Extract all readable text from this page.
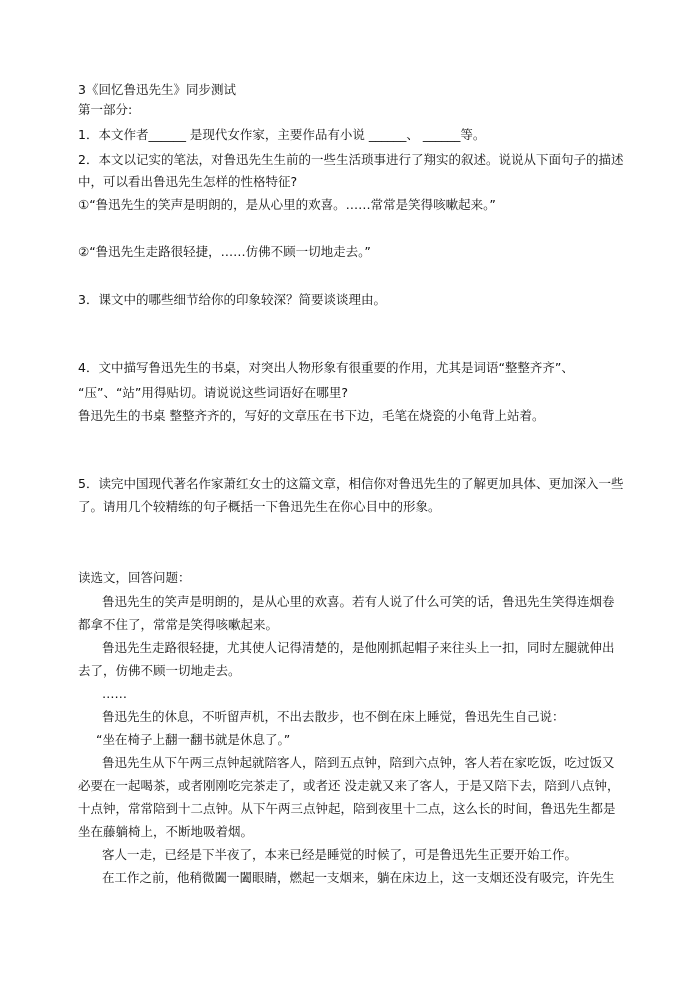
3《回忆鲁迅先生》同步测试
第一部分:
1．本文作者______ 是现代女作家，主要作品有小说 ______、 ______等。
2．本文以记实的笔法，对鲁迅先生生前的一些生活琐事进行了翔实的叙述。说说从下面句子的描述
中，可以看出鲁迅先生怎样的性格特征?
①“鲁迅先生的笑声是明朗的，是从心里的欢喜。……常常是笑得咳嗽起来。”
②“鲁迅先生走路很轻捷，……仿佛不顾一切地走去。”
3．课文中的哪些细节给你的印象较深？简要谈谈理由。
4．文中描写鲁迅先生的书桌，对突出人物形象有很重要的作用，尤其是词语“整整齐齐”、
“压”、“站”用得贴切。请说说这些词语好在哪里?
鲁迅先生的书桌 整整齐齐的，写好的文章压在书下边，毛笔在烧瓷的小龟背上站着。
5．读完中国现代著名作家萧红女士的这篇文章，相信你对鲁迅先生的了解更加具体、更加深入一些
了。请用几个较精练的句子概括一下鲁迅先生在你心目中的形象。
读选文，回答问题：
鲁迅先生的笑声是明朗的，是从心里的欢喜。若有人说了什么可笑的话，鲁迅先生笑得连烟卷
都拿不住了，常常是笑得咳嗽起来。
鲁迅先生走路很轻捷，尤其使人记得清楚的，是他刚抓起帽子来往头上一扣，同时左腿就伸出
去了，仿佛不顾一切地走去。
……
鲁迅先生的休息，不听留声机，不出去散步，也不倒在床上睡觉，鲁迅先生自己说：
“坐在椅子上翻一翻书就是休息了。”
鲁迅先生从下午两三点钟起就陪客人，陪到五点钟，陪到六点钟，客人若在家吃饭，吃过饭又
必要在一起喝茶，或者刚刚吃完茶走了，或者还 没走就又来了客人，于是又陪下去，陪到八点钟，
十点钟，常常陪到十二点钟。从下午两三点钟起，陪到夜里十二点，这么长的时间，鲁迅先生都是
坐在藤躺椅上，不断地吸着烟。
客人一走，已经是下半夜了，本来已经是睡觉的时候了，可是鲁迅先生正要开始工作。
在工作之前，他稍微闔一闔眼睛，燃起一支烟来，躺在床边上，这一支烟还没有吸完，许先生
